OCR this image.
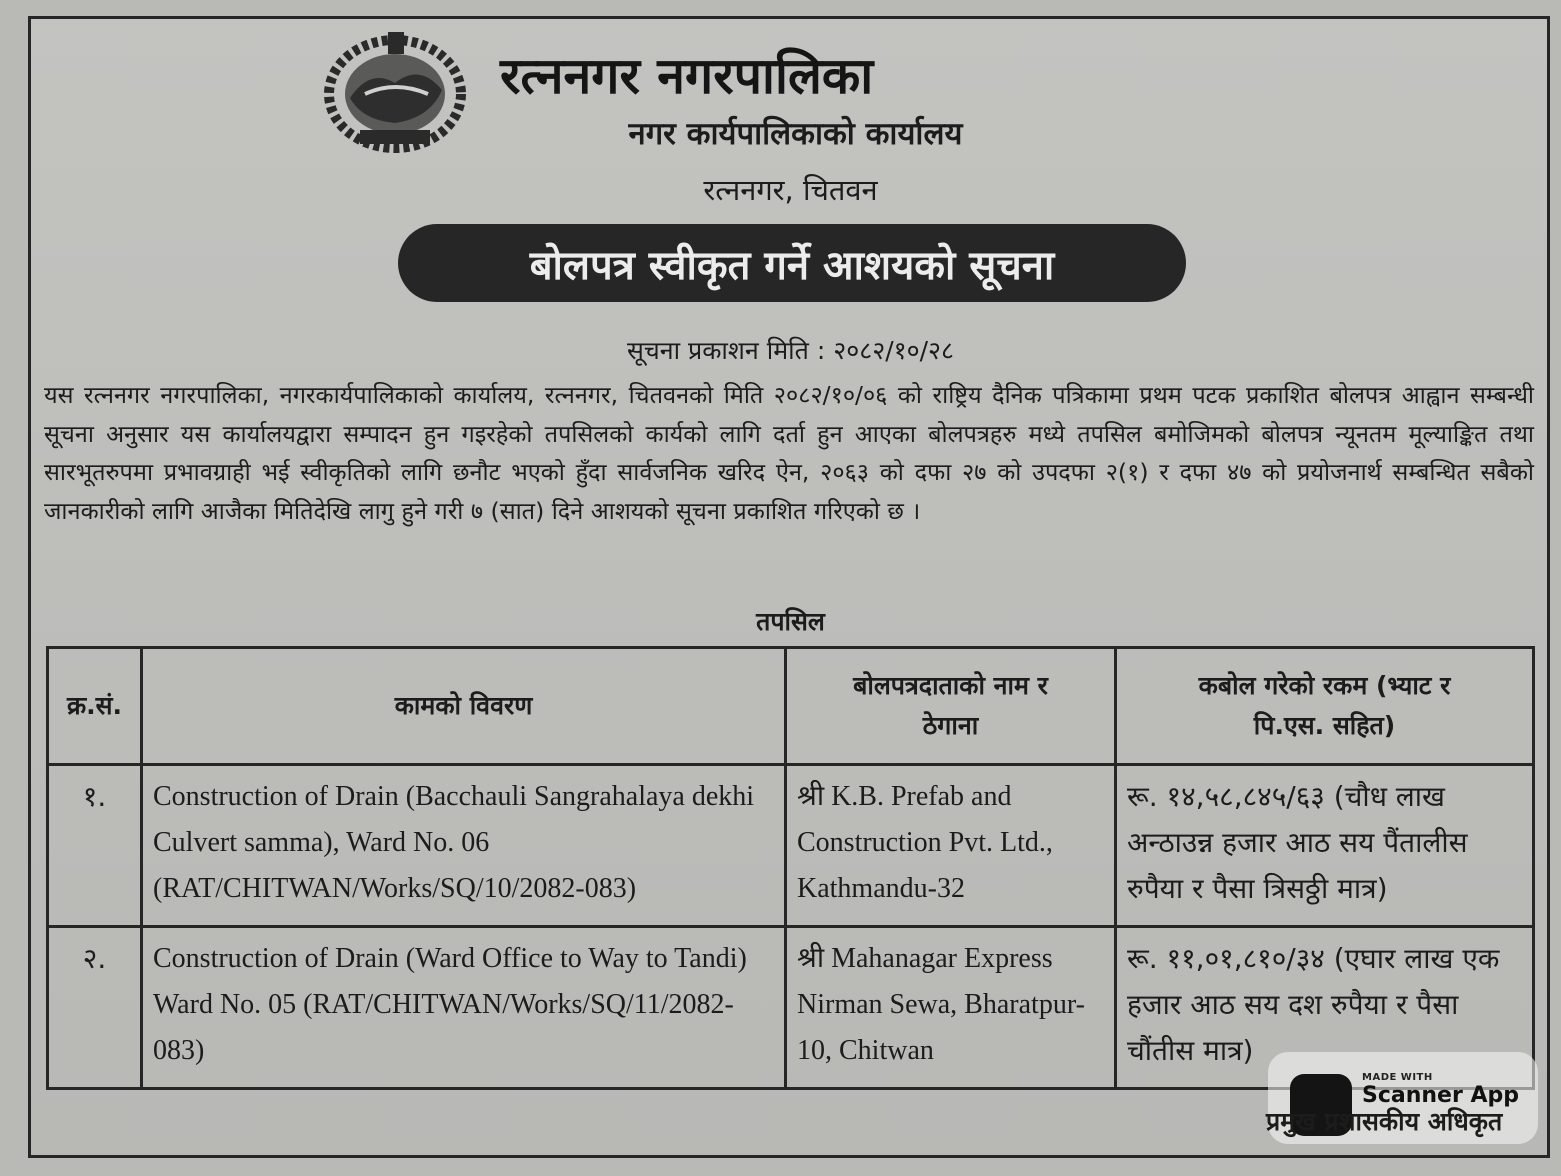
रत्ननगर नगरपालिका
नगर कार्यपालिकाको कार्यालय
रत्ननगर, चितवन
बोलपत्र स्वीकृत गर्ने आशयको सूचना
सूचना प्रकाशन मिति : २०८२/१०/२८
यस रत्ननगर नगरपालिका, नगरकार्यपालिकाको कार्यालय, रत्ननगर, चितवनको मिति २०८२/१०/०६ को राष्ट्रिय दैनिक पत्रिकामा प्रथम पटक प्रकाशित बोलपत्र आह्वान सम्बन्धी सूचना अनुसार यस कार्यालयद्वारा सम्पादन हुन गइरहेको तपसिलको कार्यको लागि दर्ता हुन आएका बोलपत्रहरु मध्ये तपसिल बमोजिमको बोलपत्र न्यूनतम मूल्याङ्कित तथा सारभूतरुपमा प्रभावग्राही भई स्वीकृतिको लागि छनौट भएको हुँदा सार्वजनिक खरिद ऐन, २०६३ को दफा २७ को उपदफा २(१) र दफा ४७ को प्रयोजनार्थ सम्बन्धित सबैको जानकारीको लागि आजैका मितिदेखि लागु हुने गरी ७ (सात) दिने आशयको सूचना प्रकाशित गरिएको छ ।
तपसिल
क्र.सं.	कामको विवरण	बोलपत्रदाताको नाम र ठेगाना	कबोल गरेको रकम (भ्याट र पि.एस. सहित)
१.	Construction of Drain (Bacchauli Sangrahalaya dekhi Culvert samma), Ward No. 06 (RAT/CHITWAN/Works/SQ/10/2082-083)	श्री K.B. Prefab and Construction Pvt. Ltd., Kathmandu-32	रू. १४,५८,८४५/६३ (चौध लाख अन्ठाउन्न हजार आठ सय पैंतालीस रुपैया र पैसा त्रिसठ्ठी मात्र)
२.	Construction of Drain (Ward Office to Way to Tandi) Ward No. 05 (RAT/CHITWAN/Works/SQ/11/2082-083)	श्री Mahanagar Express Nirman Sewa, Bharatpur-10, Chitwan	रू. ११,०१,८१०/३४ (एघार लाख एक हजार आठ सय दश रुपैया र पैसा चौंतीस मात्र)
MADE WITH
Scanner App
प्रमुख प्रशासकीय अधिकृत
